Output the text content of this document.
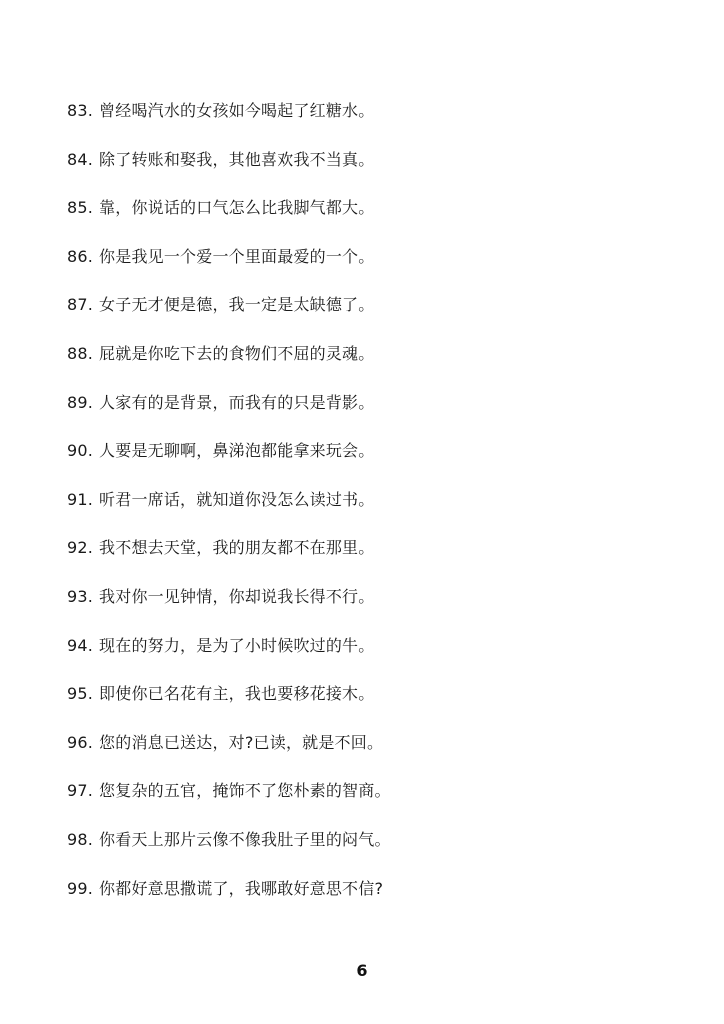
83. 曾经喝汽水的女孩如今喝起了红糖水。
84. 除了转账和娶我，其他喜欢我不当真。
85. 靠，你说话的口气怎么比我脚气都大。
86. 你是我见一个爱一个里面最爱的一个。
87. 女子无才便是德，我一定是太缺德了。
88. 屁就是你吃下去的食物们不屈的灵魂。
89. 人家有的是背景，而我有的只是背影。
90. 人要是无聊啊，鼻涕泡都能拿来玩会。
91. 听君一席话，就知道你没怎么读过书。
92. 我不想去天堂，我的朋友都不在那里。
93. 我对你一见钟情，你却说我长得不行。
94. 现在的努力，是为了小时候吹过的牛。
95. 即使你已名花有主，我也要移花接木。
96. 您的消息已送达，对?已读，就是不回。
97. 您复杂的五官，掩饰不了您朴素的智商。
98. 你看天上那片云像不像我肚子里的闷气。
99. 你都好意思撒谎了，我哪敢好意思不信?
6
